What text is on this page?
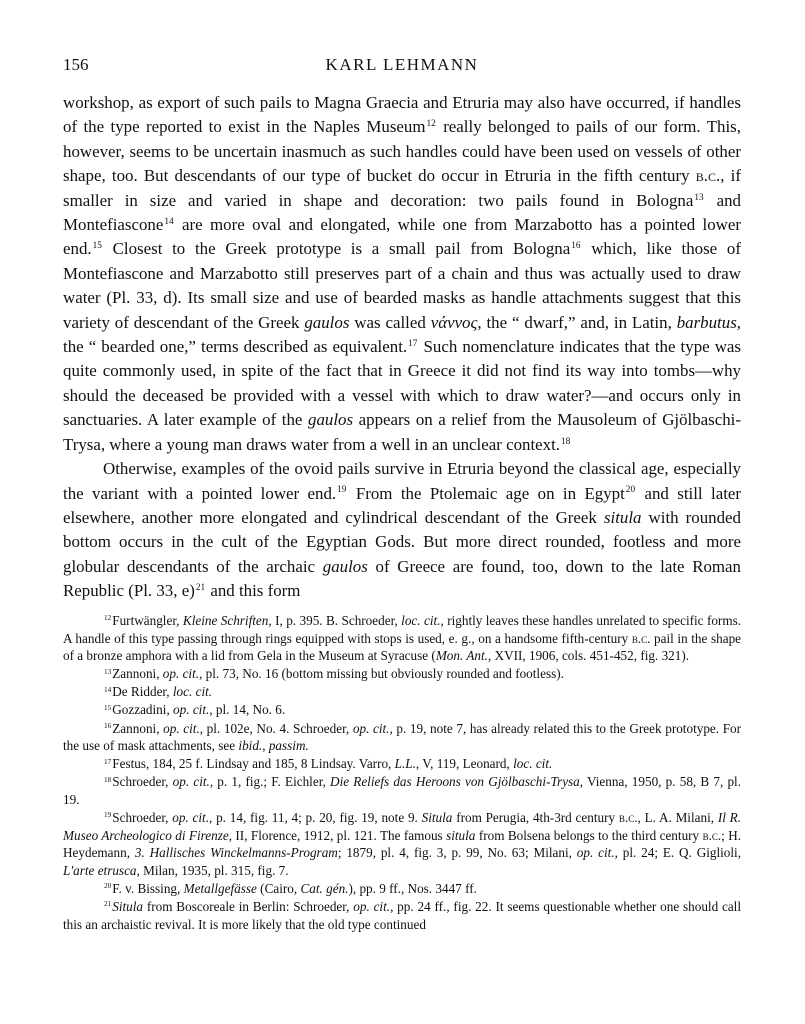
156	KARL LEHMANN

workshop, as export of such pails to Magna Graecia and Etruria may also have occurred, if handles of the type reported to exist in the Naples Museum$^{12}$ really belonged to pails of our form. This, however, seems to be uncertain inasmuch as such handles could have been used on vessels of other shape, too. But descendants of our type of bucket do occur in Etruria in the fifth century b.c., if smaller in size and varied in shape and decoration: two pails found in Bologna$^{13}$ and Montefiascone$^{14}$ are more oval and elongated, while one from Marzabotto has a pointed lower end.$^{15}$ Closest to the Greek prototype is a small pail from Bologna$^{16}$ which, like those of Montefiascone and Marzabotto still preserves part of a chain and thus was actually used to draw water (Pl. 33, d). Its small size and use of bearded masks as handle attachments suggest that this variety of descendant of the Greek gaulos was called νάννος, the “ dwarf,” and, in Latin, barbutus, the “ bearded one,” terms described as equivalent.$^{17}$ Such nomenclature indicates that the type was quite commonly used, in spite of the fact that in Greece it did not find its way into tombs—why should the deceased be provided with a vessel with which to draw water?—and occurs only in sanctuaries. A later example of the gaulos appears on a relief from the Mausoleum of Gjölbaschi-Trysa, where a young man draws water from a well in an unclear context.$^{18}$

Otherwise, examples of the ovoid pails survive in Etruria beyond the classical age, especially the variant with a pointed lower end.$^{19}$ From the Ptolemaic age on in Egypt$^{20}$ and still later elsewhere, another more elongated and cylindrical descendant of the Greek situla with rounded bottom occurs in the cult of the Egyptian Gods. But more direct rounded, footless and more globular descendants of the archaic gaulos of Greece are found, too, down to the late Roman Republic (Pl. 33, e)$^{21}$ and this form

$^{12}$Furtwängler, Kleine Schriften, I, p. 395. B. Schroeder, loc. cit., rightly leaves these handles unrelated to specific forms. A handle of this type passing through rings equipped with stops is used, e. g., on a handsome fifth-century b.c. pail in the shape of a bronze amphora with a lid from Gela in the Museum at Syracuse (Mon. Ant., XVII, 1906, cols. 451-452, fig. 321).

$^{13}$Zannoni, op. cit., pl. 73, No. 16 (bottom missing but obviously rounded and footless).

$^{14}$De Ridder, loc. cit.

$^{15}$Gozzadini, op. cit., pl. 14, No. 6.

$^{16}$Zannoni, op. cit., pl. 102e, No. 4. Schroeder, op. cit., p. 19, note 7, has already related this to the Greek prototype. For the use of mask attachments, see ibid., passim.

$^{17}$Festus, 184, 25 f. Lindsay and 185, 8 Lindsay. Varro, L.L., V, 119, Leonard, loc. cit.

$^{18}$Schroeder, op. cit., p. 1, fig.; F. Eichler, Die Reliefs das Heroons von Gjölbaschi-Trysa, Vienna, 1950, p. 58, B 7, pl. 19.

$^{19}$Schroeder, op. cit., p. 14, fig. 11, 4; p. 20, fig. 19, note 9. Situla from Perugia, 4th-3rd century b.c., L. A. Milani, Il R. Museo Archeologico di Firenze, II, Florence, 1912, pl. 121. The famous situla from Bolsena belongs to the third century b.c.; H. Heydemann, 3. Hallisches Winckelmanns-Program; 1879, pl. 4, fig. 3, p. 99, No. 63; Milani, op. cit., pl. 24; E. Q. Giglioli, L'arte etrusca, Milan, 1935, pl. 315, fig. 7.

$^{20}$F. v. Bissing, Metallgefässe (Cairo, Cat. gén.), pp. 9 ff., Nos. 3447 ff.

$^{21}$Situla from Boscoreale in Berlin: Schroeder, op. cit., pp. 24 ff., fig. 22. It seems questionable whether one should call this an archaistic revival. It is more likely that the old type continued
